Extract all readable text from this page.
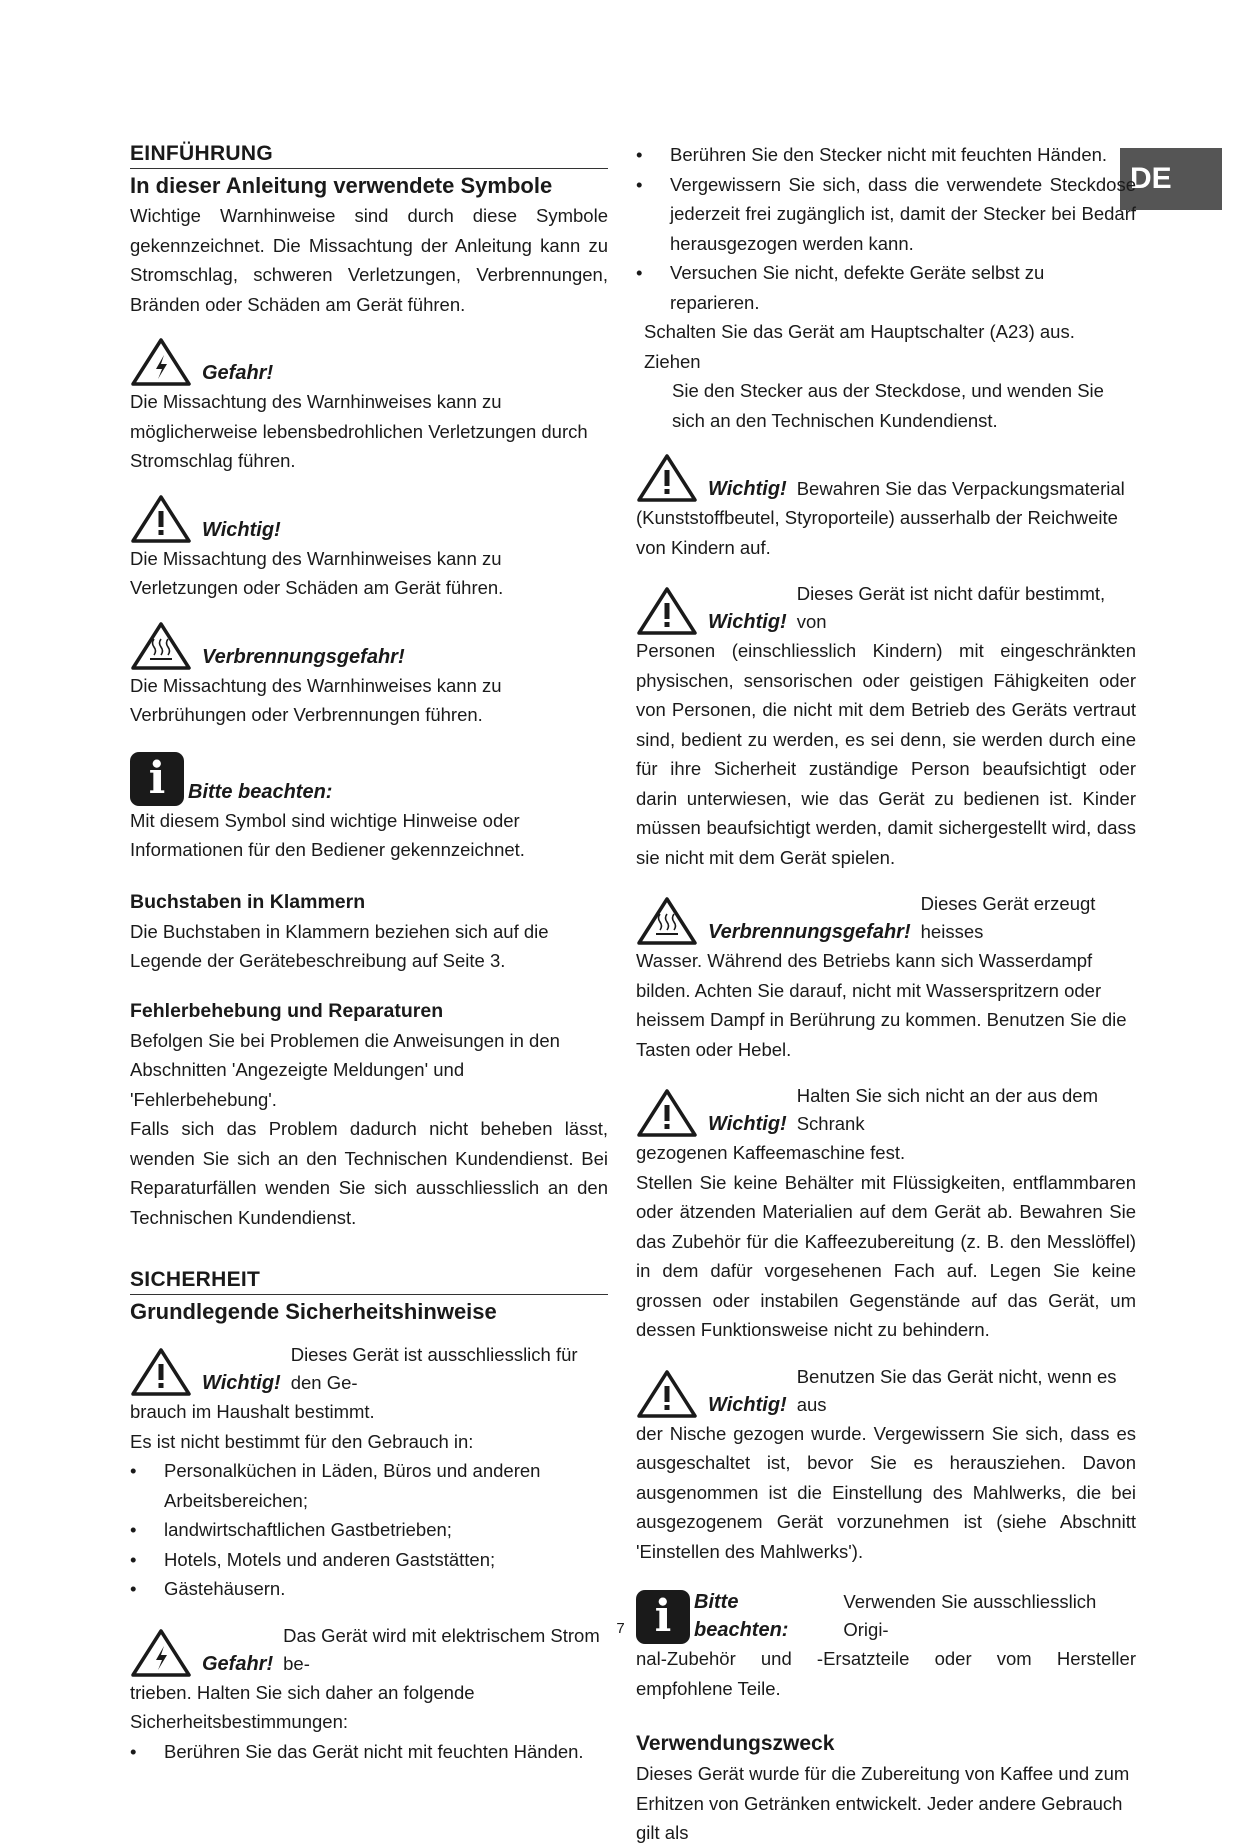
DE
EINFÜHRUNG
In dieser Anleitung verwendete Symbole

Wichtige Warnhinweise sind durch diese Symbole gekennzeichnet. Die Missachtung der Anleitung kann zu Stromschlag, schweren Verletzungen, Verbrennungen, Bränden oder Schäden am Gerät führen.

Gefahr!

Die Missachtung des Warnhinweises kann zu möglicherweise lebensbedrohlichen Verletzungen durch Stromschlag führen.

Wichtig!

Die Missachtung des Warnhinweises kann zu Verletzungen oder Schäden am Gerät führen.

Verbrennungsgefahr!

Die Missachtung des Warnhinweises kann zu Verbrühungen oder Verbrennungen führen.

i	Bitte beachten:

Mit diesem Symbol sind wichtige Hinweise oder Informationen für den Bediener gekennzeichnet.

Buchstaben in Klammern

Die Buchstaben in Klammern beziehen sich auf die Legende der Gerätebeschreibung auf Seite 3.

Fehlerbehebung und Reparaturen

Befolgen Sie bei Problemen die Anweisungen in den Abschnitten 'Angezeigte Meldungen' und 'Fehlerbehebung'.

Falls sich das Problem dadurch nicht beheben lässt, wenden Sie sich an den Technischen Kundendienst. Bei Reparaturfällen wenden Sie sich ausschliesslich an den Technischen Kundendienst.

SICHERHEIT
Grundlegende Sicherheitshinweise
Wichtig!
Dieses Gerät ist ausschliesslich für den Ge-

brauch im Haushalt bestimmt.

Es ist nicht bestimmt für den Gebrauch in:

• Personalküchen in Läden, Büros und anderen Arbeitsbereichen;
• landwirtschaftlichen Gastbetrieben;
• Hotels, Motels und anderen Gaststätten;
• Gästehäusern.
Gefahr!
Das Gerät wird mit elektrischem Strom be-

trieben. Halten Sie sich daher an folgende Sicherheitsbestimmungen:

• Berühren Sie das Gerät nicht mit feuchten Händen.
• Berühren Sie den Stecker nicht mit feuchten Händen.
• Vergewissern Sie sich, dass die verwendete Steckdose jederzeit frei zugänglich ist, damit der Stecker bei Bedarf herausgezogen werden kann.
• Versuchen Sie nicht, defekte Geräte selbst zu reparieren.

Schalten Sie das Gerät am Hauptschalter (A23) aus. Ziehen

Sie den Stecker aus der Steckdose, und wenden Sie sich an den Technischen Kundendienst.

Wichtig! Bewahren Sie das Verpackungsmaterial

(Kunststoffbeutel, Styroporteile) ausserhalb der Reichweite von Kindern auf.

Wichtig!
Dieses Gerät ist nicht dafür bestimmt, von

Personen (einschliesslich Kindern) mit eingeschränkten physischen, sensorischen oder geistigen Fähigkeiten oder von Personen, die nicht mit dem Betrieb des Geräts vertraut sind, bedient zu werden, es sei denn, sie werden durch eine für ihre Sicherheit zuständige Person beaufsichtigt oder darin unterwiesen, wie das Gerät zu bedienen ist. Kinder müssen beaufsichtigt werden, damit sichergestellt wird, dass sie nicht mit dem Gerät spielen.

Verbrennungsgefahr!
Dieses Gerät erzeugt heisses

Wasser. Während des Betriebs kann sich Wasserdampf bilden. Achten Sie darauf, nicht mit Wasserspritzern oder heissem Dampf in Berührung zu kommen. Benutzen Sie die Tasten oder Hebel.

Wichtig!
Halten Sie sich nicht an der aus dem Schrank

gezogenen Kaffeemaschine fest.

Stellen Sie keine Behälter mit Flüssigkeiten, entflammbaren oder ätzenden Materialien auf dem Gerät ab. Bewahren Sie das Zubehör für die Kaffeezubereitung (z. B. den Messlöffel) in dem dafür vorgesehenen Fach auf. Legen Sie keine grossen oder instabilen Gegenstände auf das Gerät, um dessen Funktionsweise nicht zu behindern.

Wichtig!
Benutzen Sie das Gerät nicht, wenn es aus

der Nische gezogen wurde. Vergewissern Sie sich, dass es ausgeschaltet ist, bevor Sie es herausziehen. Davon ausgenommen ist die Einstellung des Mahlwerks, die bei ausgezogenem Gerät vorzunehmen ist (siehe Abschnitt 'Einstellen des Mahlwerks').

i	Bitte beachten:
Verwenden Sie ausschliesslich Origi-

nal-Zubehör und -Ersatzteile oder vom Hersteller empfohlene Teile.

Verwendungszweck

Dieses Gerät wurde für die Zubereitung von Kaffee und zum Erhitzen von Getränken entwickelt. Jeder andere Gebrauch gilt als

7
